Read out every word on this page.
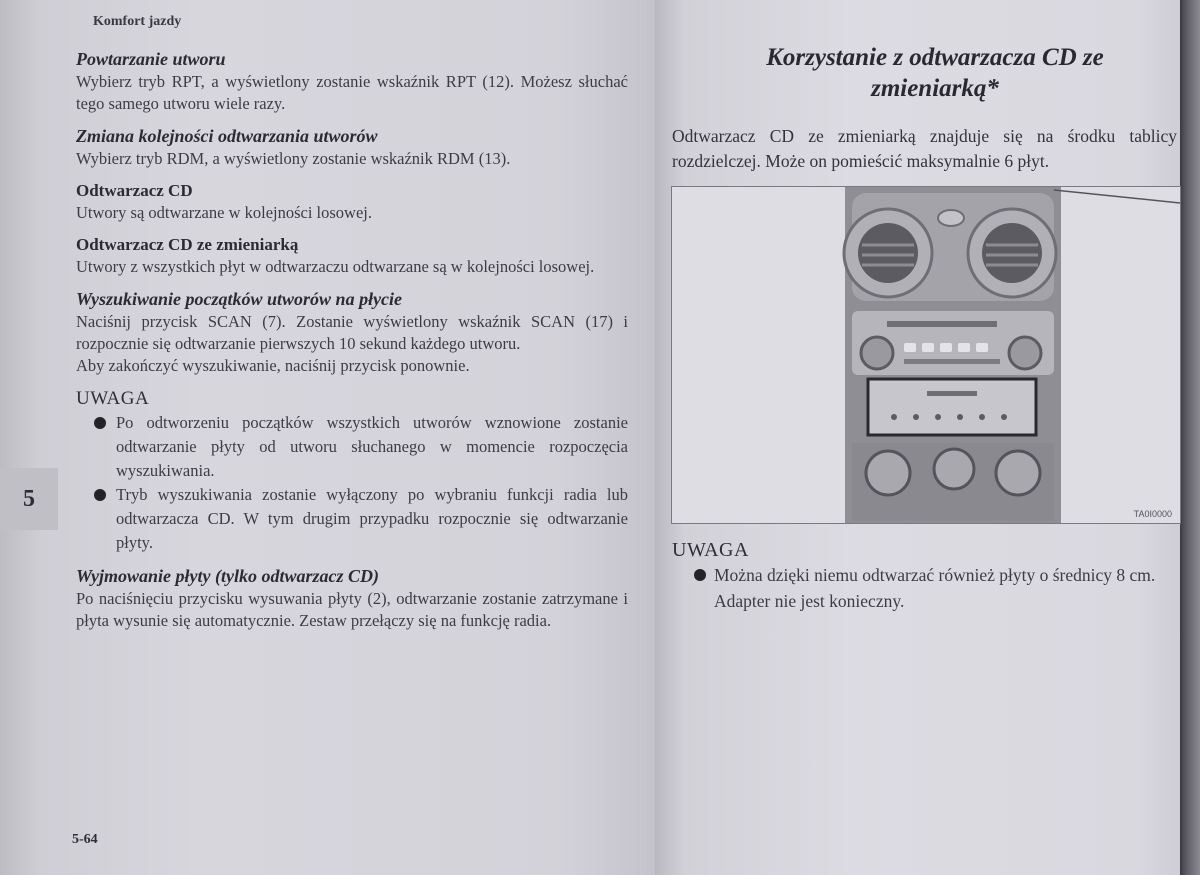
Komfort jazdy
5
5-64
Powtarzanie utworu

Wybierz tryb RPT, a wyświetlony zostanie wskaźnik RPT (12). Możesz słuchać tego samego utworu wiele razy.

Zmiana kolejności odtwarzania utworów

Wybierz tryb RDM, a wyświetlony zostanie wskaźnik RDM (13).

Odtwarzacz CD

Utwory są odtwarzane w kolejności losowej.

Odtwarzacz CD ze zmieniarką

Utwory z wszystkich płyt w odtwarzaczu odtwarzane są w kolejności losowej.

Wyszukiwanie początków utworów na płycie

Naciśnij przycisk SCAN (7). Zostanie wyświetlony wskaźnik SCAN (17) i rozpocznie się odtwarzanie pierwszych 10 sekund każdego utworu.

Aby zakończyć wyszukiwanie, naciśnij przycisk ponownie.

UWAGA
Po odtworzeniu początków wszystkich utworów wznowione zostanie odtwarzanie płyty od utworu słuchanego w momencie rozpoczęcia wyszukiwania.
Tryb wyszukiwania zostanie wyłączony po wybraniu funkcji radia lub odtwarzacza CD. W tym drugim przypadku rozpocznie się odtwarzanie płyty.
Wyjmowanie płyty (tylko odtwarzacz CD)

Po naciśnięciu przycisku wysuwania płyty (2), odtwarzanie zostanie zatrzymane i płyta wysunie się automatycznie. Zestaw przełączy się na funkcję radia.

Korzystanie z odtwarzacza CD ze zmieniarką*
Odtwarzacz CD ze zmieniarką znajduje się na środku tablicy rozdzielczej. Może on pomieścić maksymalnie 6 płyt.
TA0I0000
UWAGA
Można dzięki niemu odtwarzać również płyty o średnicy 8 cm.
Adapter nie jest konieczny.
